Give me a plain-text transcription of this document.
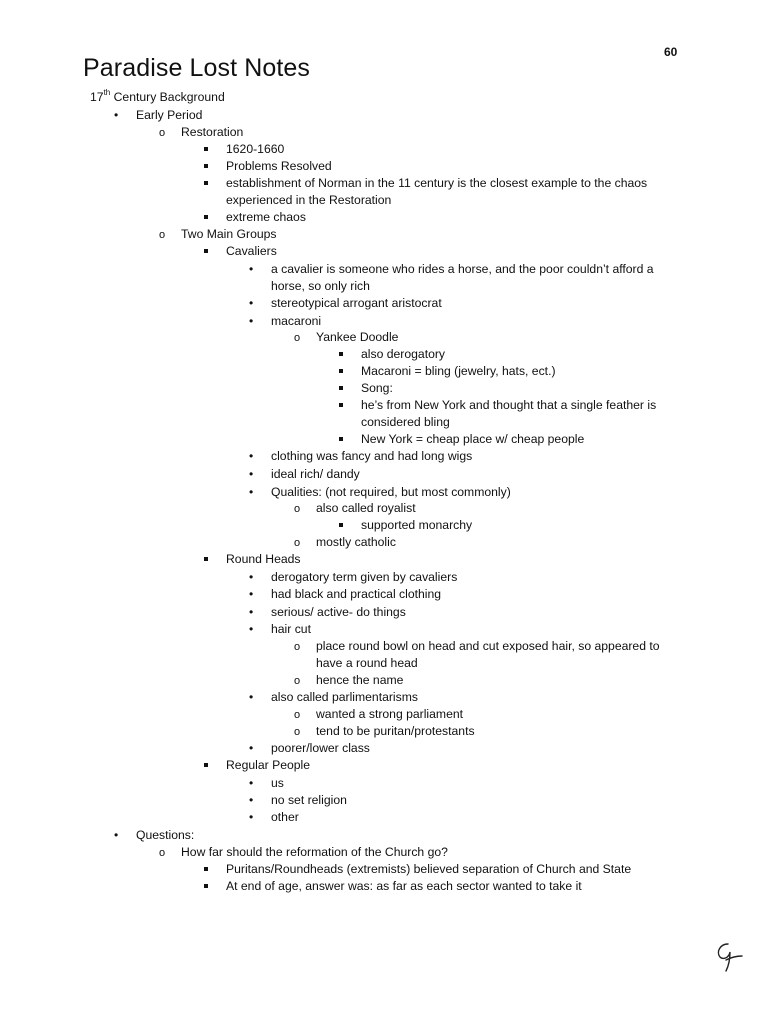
60
Paradise Lost Notes
17th Century Background
•
Early Period
o
Restoration
1620-1660
Problems Resolved
establishment of Norman in the 11 century is the closest example to the chaos
experienced in the Restoration
extreme chaos
o
Two Main Groups
Cavaliers
•
a cavalier is someone who rides a horse, and the poor couldn’t afford a
horse, so only rich
•
stereotypical arrogant aristocrat
•
macaroni
o
Yankee Doodle
also derogatory
Macaroni = bling (jewelry, hats, ect.)
Song:
he’s from New York and thought that a single feather is
considered bling
New York = cheap place w/ cheap people
•
clothing was fancy and had long wigs
•
ideal rich/ dandy
•
Qualities: (not required, but most commonly)
o
also called royalist
supported monarchy
o
mostly catholic
Round Heads
•
derogatory term given by cavaliers
•
had black and practical clothing
•
serious/ active- do things
•
hair cut
o
place round bowl on head and cut exposed hair, so appeared to
have a round head
o
hence the name
•
also called parlimentarisms
o
wanted a strong parliament
o
tend to be puritan/protestants
•
poorer/lower class
Regular People
•
us
•
no set religion
•
other
•
Questions:
o
How far should the reformation of the Church go?
Puritans/Roundheads (extremists) believed separation of Church and State
At end of age, answer was: as far as each sector wanted to take it
